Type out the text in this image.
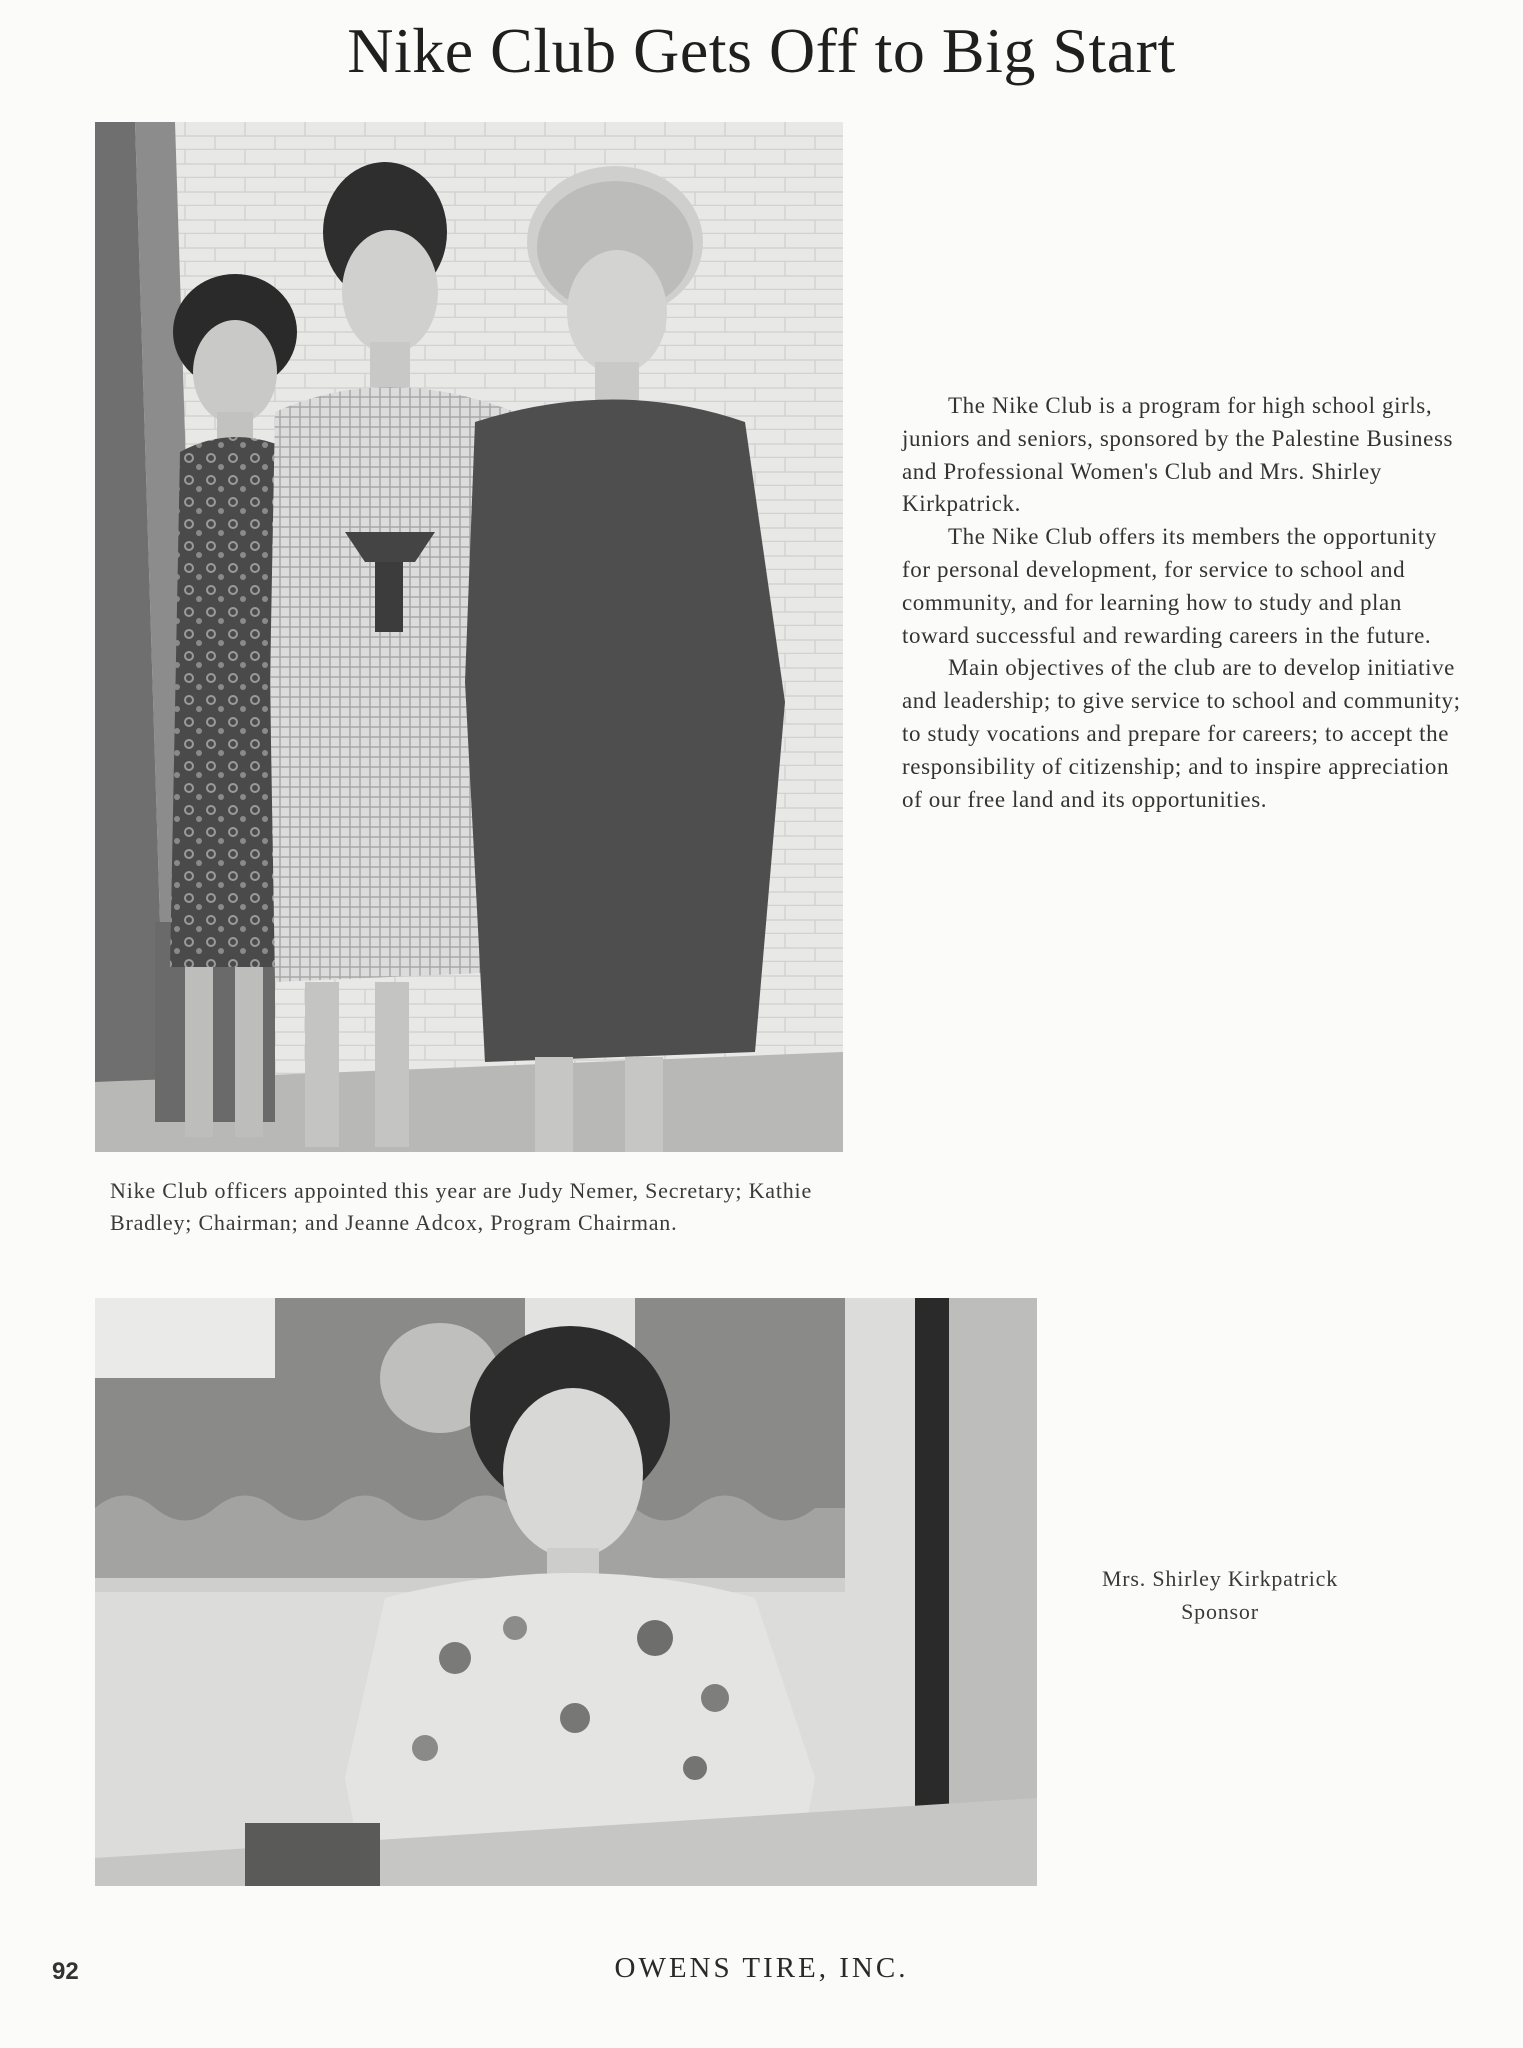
Nike Club Gets Off to Big Start

The Nike Club is a program for high school girls, juniors and seniors, sponsored by the Palestine Business and Professional Women's Club and Mrs. Shirley Kirkpatrick.

The Nike Club offers its members the opportunity for personal development, for service to school and community, and for learning how to study and plan toward successful and rewarding careers in the future.

Main objectives of the club are to develop initiative and leadership; to give service to school and community; to study vocations and prepare for careers; to accept the responsibility of citizenship; and to inspire appreciation of our free land and its opportunities.

Nike Club officers appointed this year are Judy Nemer, Secretary; Kathie Bradley; Chairman; and Jeanne Adcox, Program Chairman.
Mrs. Shirley Kirkpatrick
Sponsor
92	OWENS TIRE, INC.
